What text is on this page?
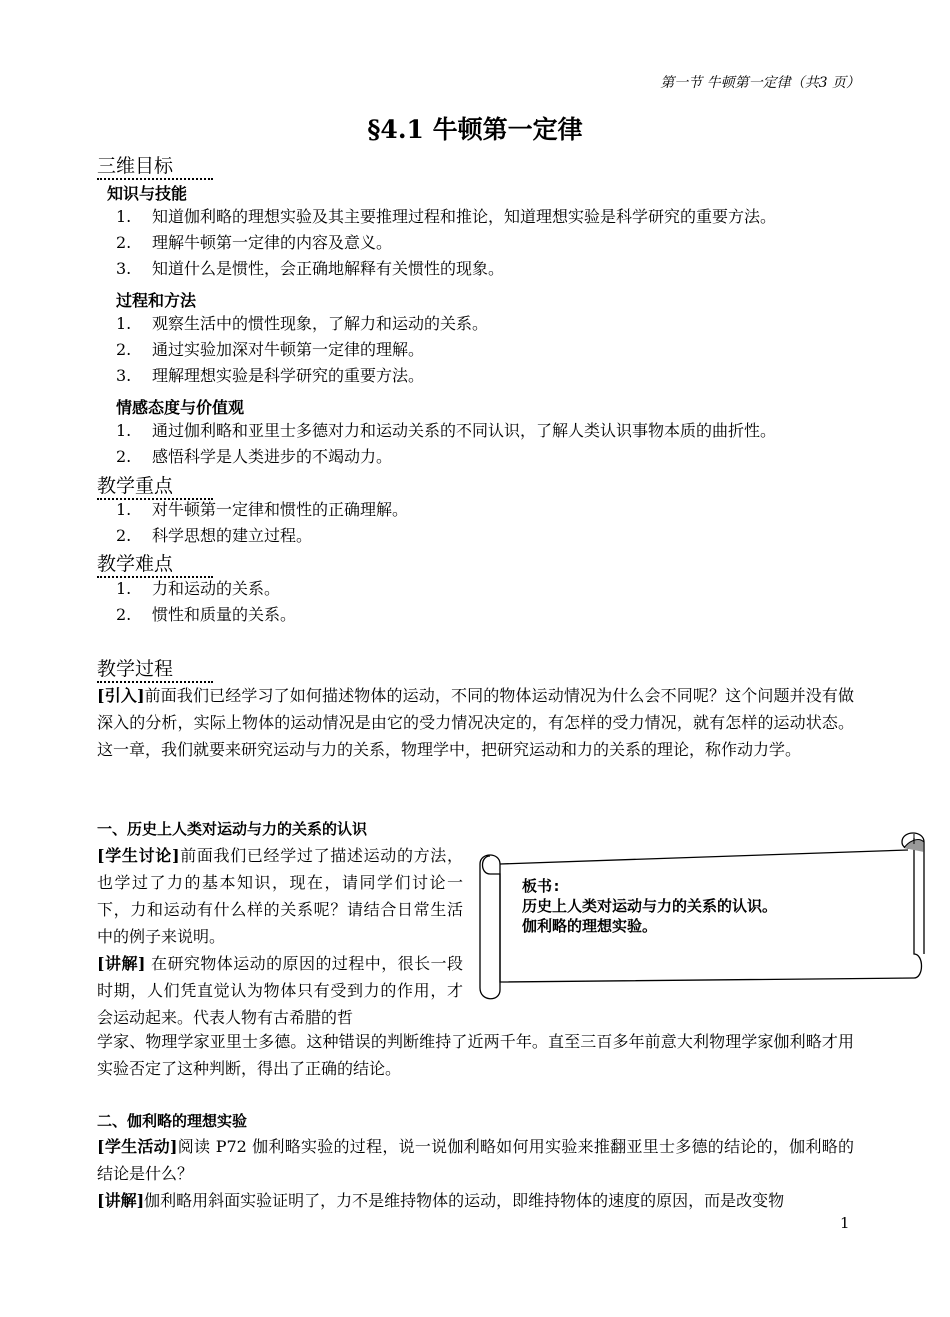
第一节 牛顿第一定律（共3 页）
§4.1 牛顿第一定律
三维目标
知识与技能
1. 知道伽利略的理想实验及其主要推理过程和推论，知道理想实验是科学研究的重要方法。
2. 理解牛顿第一定律的内容及意义。
3. 知道什么是惯性，会正确地解释有关惯性的现象。
过程和方法
1. 观察生活中的惯性现象，了解力和运动的关系。
2. 通过实验加深对牛顿第一定律的理解。
3. 理解理想实验是科学研究的重要方法。
情感态度与价值观
1. 通过伽利略和亚里士多德对力和运动关系的不同认识，了解人类认识事物本质的曲折性。
2. 感悟科学是人类进步的不竭动力。
教学重点
1. 对牛顿第一定律和惯性的正确理解。
2. 科学思想的建立过程。
教学难点
1. 力和运动的关系。
2. 惯性和质量的关系。
教学过程
[引入]前面我们已经学习了如何描述物体的运动，不同的物体运动情况为什么会不同呢？这个问题并没有做深入的分析，实际上物体的运动情况是由它的受力情况决定的，有怎样的受力情况，就有怎样的运动状态。这一章，我们就要来研究运动与力的关系，物理学中，把研究运动和力的关系的理论，称作动力学。
一、历史上人类对运动与力的关系的认识
[学生讨论]前面我们已经学过了描述运动的方法，也学过了力的基本知识，现在，请同学们讨论一下，力和运动有什么样的关系呢？请结合日常生活中的例子来说明。
[讲解] 在研究物体运动的原因的过程中，很长一段时期，人们凭直觉认为物体只有受到力的作用，才会运动起来。代表人物有古希腊的哲
学家、物理学家亚里士多德。这种错误的判断维持了近两千年。直至三百多年前意大利物理学家伽利略才用实验否定了这种判断，得出了正确的结论。
板书:
历史上人类对运动与力的关系的认识。
伽利略的理想实验。
二、伽利略的理想实验
[学生活动]阅读 P72 伽利略实验的过程，说一说伽利略如何用实验来推翻亚里士多德的结论的，伽利略的结论是什么？
[讲解]伽利略用斜面实验证明了，力不是维持物体的运动，即维持物体的速度的原因，而是改变物
1
